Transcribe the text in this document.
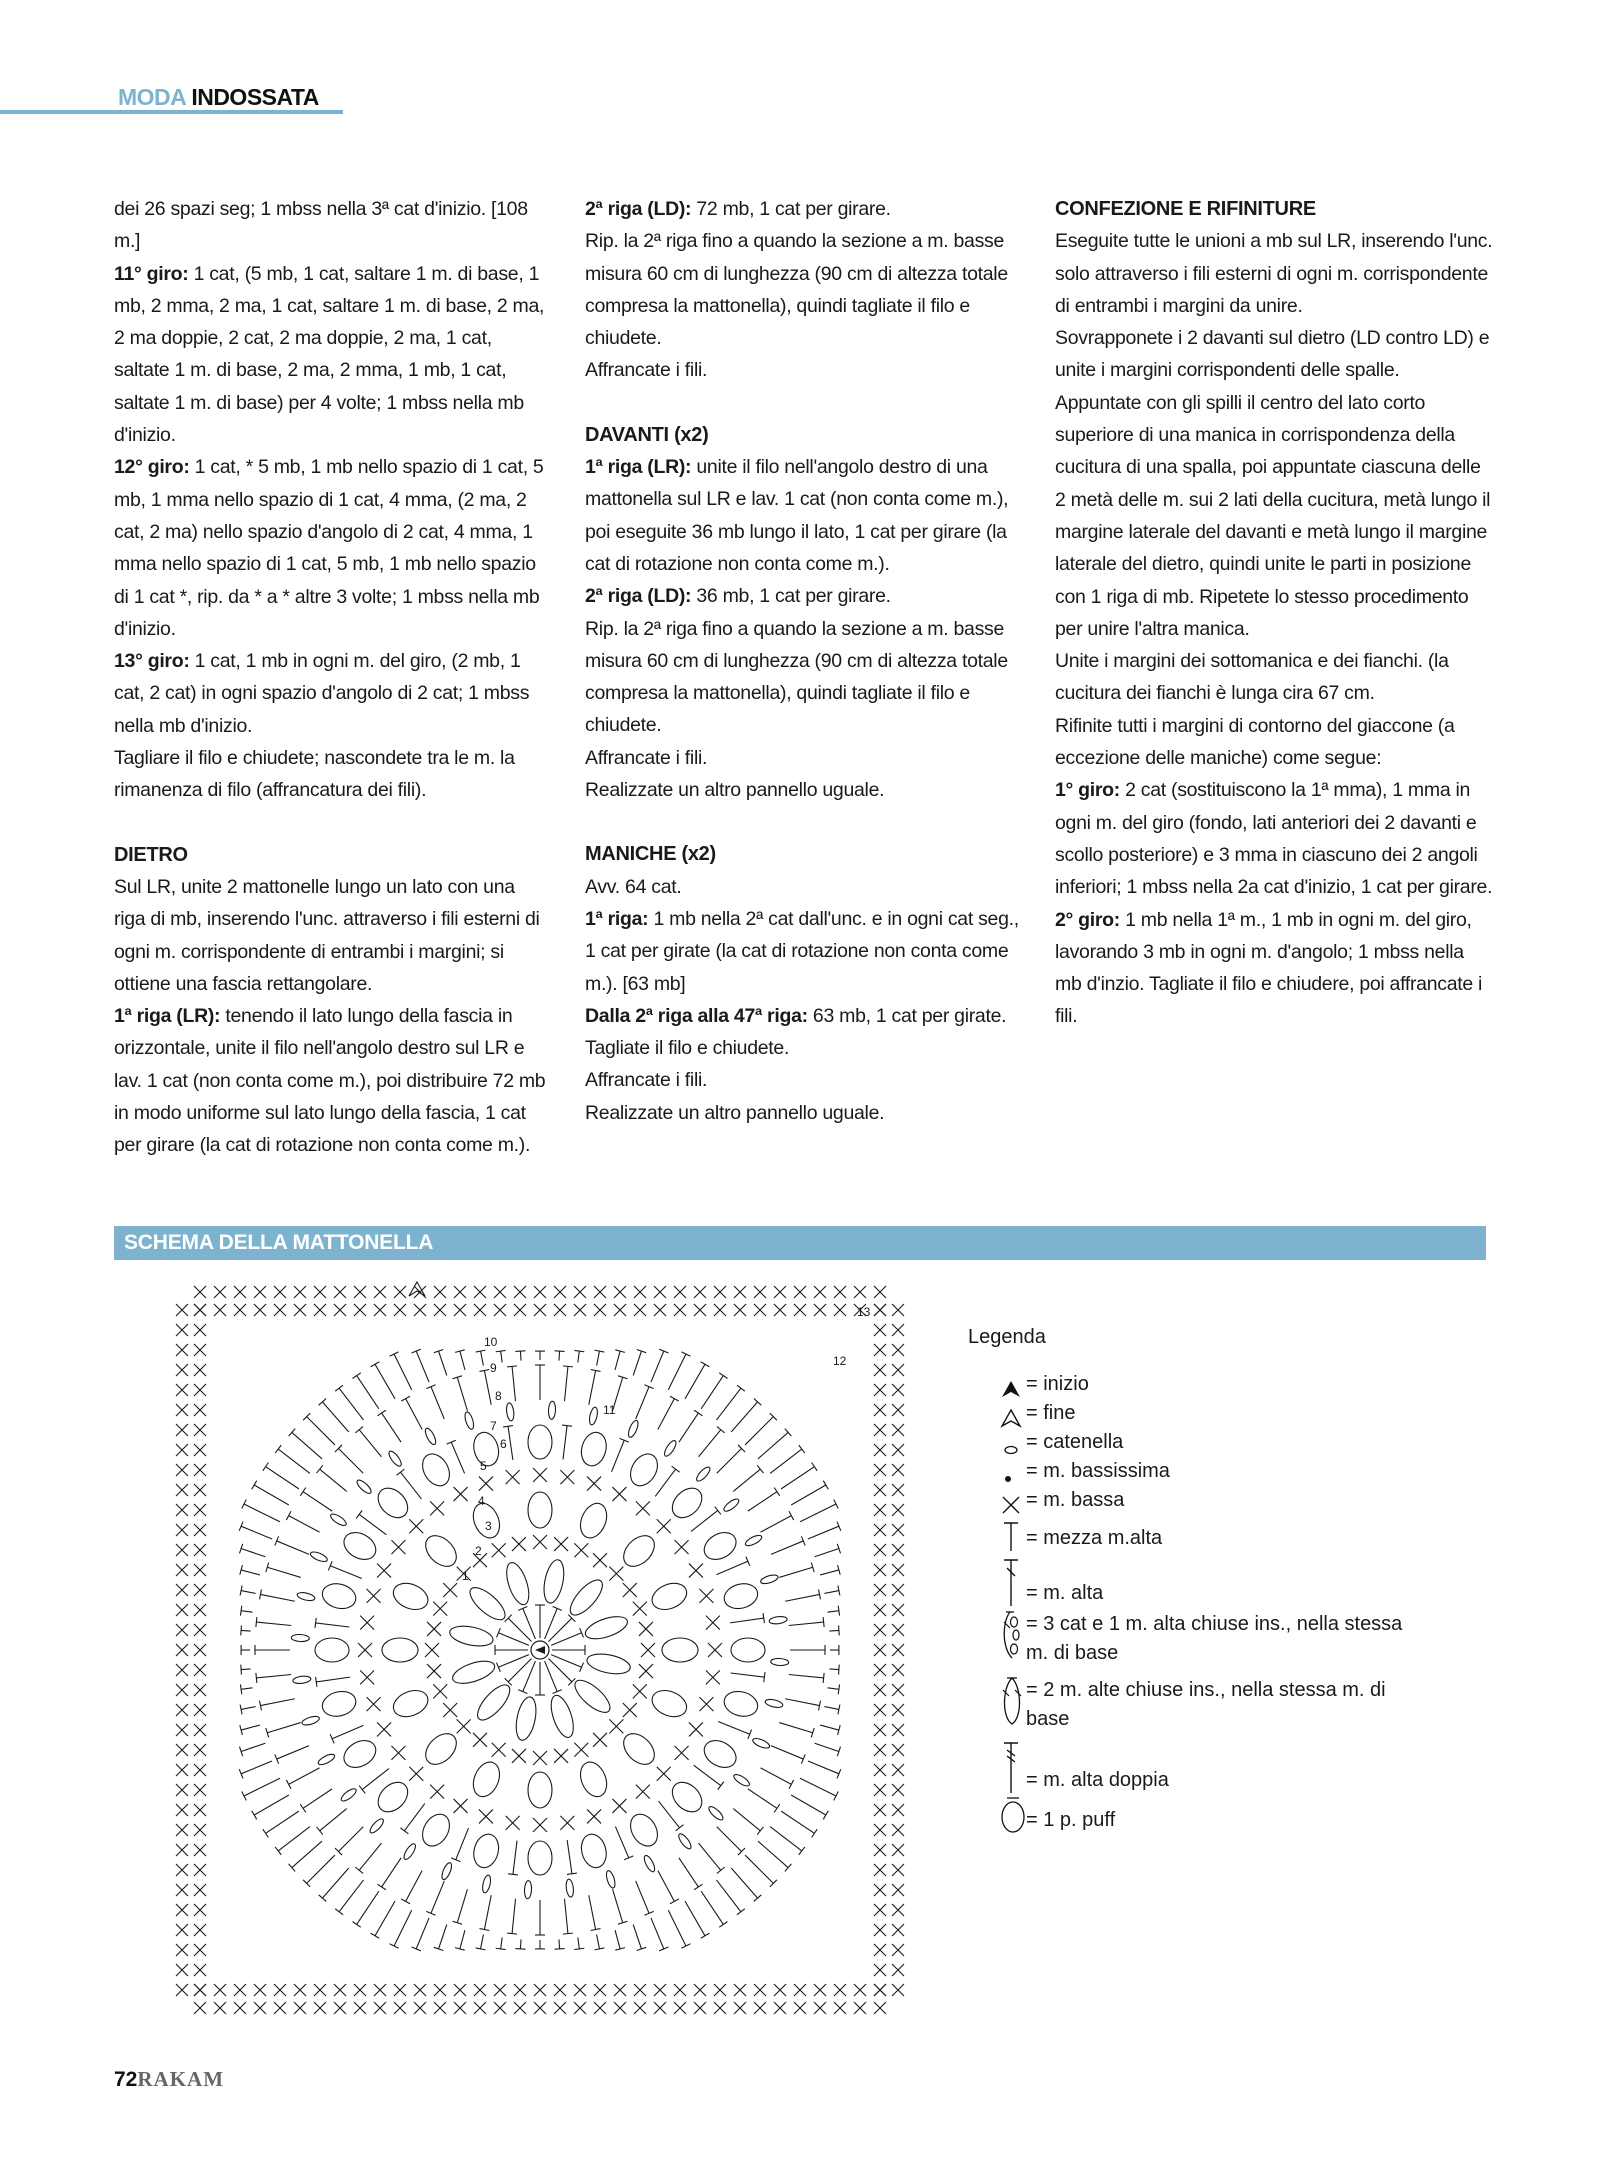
MODA INDOSSATA
dei 26 spazi seg; 1 mbss nella 3ª cat d'inizio. [108 m.]
11° giro: 1 cat, (5 mb, 1 cat, saltare 1 m. di base, 1 mb, 2 mma, 2 ma, 1 cat, saltare 1 m. di base, 2 ma, 2 ma doppie, 2 cat, 2 ma doppie, 2 ma, 1 cat, saltate 1 m. di base, 2 ma, 2 mma, 1 mb, 1 cat, saltate 1 m. di base) per 4 volte; 1 mbss nella mb d'inizio.
12° giro: 1 cat, * 5 mb, 1 mb nello spazio di 1 cat, 5 mb, 1 mma nello spazio di 1 cat, 4 mma, (2 ma, 2 cat, 2 ma) nello spazio d'angolo di 2 cat, 4 mma, 1 mma nello spazio di 1 cat, 5 mb, 1 mb nello spazio di 1 cat *, rip. da * a * altre 3 volte; 1 mbss nella mb d'inizio.
13° giro: 1 cat, 1 mb in ogni m. del giro, (2 mb, 1 cat, 2 cat) in ogni spazio d'angolo di 2 cat; 1 mbss nella mb d'inizio.
Tagliare il filo e chiudete; nascondete tra le m. la rimanenza di filo (affrancatura dei fili).
DIETRO
Sul LR, unite 2 mattonelle lungo un lato con una riga di mb, inserendo l'unc. attraverso i fili esterni di ogni m. corrispondente di entrambi i margini; si ottiene una fascia rettangolare.
1ª riga (LR): tenendo il lato lungo della fascia in orizzontale, unite il filo nell'angolo destro sul LR e lav. 1 cat (non conta come m.), poi distribuire 72 mb in modo uniforme sul lato lungo della fascia, 1 cat per girare (la cat di rotazione non conta come m.).
2ª riga (LD): 72 mb, 1 cat per girare.
Rip. la 2ª riga fino a quando la sezione a m. basse misura 60 cm di lunghezza (90 cm di altezza totale compresa la mattonella), quindi tagliate il filo e chiudete.
Affrancate i fili.
DAVANTI (x2)
1ª riga (LR): unite il filo nell'angolo destro di una mattonella sul LR e lav. 1 cat (non conta come m.), poi eseguite 36 mb lungo il lato, 1 cat per girare (la cat di rotazione non conta come m.).
2ª riga (LD): 36 mb, 1 cat per girare.
Rip. la 2ª riga fino a quando la sezione a m. basse misura 60 cm di lunghezza (90 cm di altezza totale compresa la mattonella), quindi tagliate il filo e chiudete.
Affrancate i fili.
Realizzate un altro pannello uguale.
MANICHE (x2)
Avv. 64 cat.
1ª riga: 1 mb nella 2ª cat dall'unc. e in ogni cat seg., 1 cat per girate (la cat di rotazione non conta come m.). [63 mb]
Dalla 2ª riga alla 47ª riga: 63 mb, 1 cat per girate.
Tagliate il filo e chiudete.
Affrancate i fili.
Realizzate un altro pannello uguale.
CONFEZIONE E RIFINITURE
Eseguite tutte le unioni a mb sul LR, inserendo l'unc. solo attraverso i fili esterni di ogni m. corrispondente di entrambi i margini da unire.
Sovrapponete i 2 davanti sul dietro (LD contro LD) e unite i margini corrispondenti delle spalle.
Appuntate con gli spilli il centro del lato corto superiore di una manica in corrispondenza della cucitura di una spalla, poi appuntate ciascuna delle 2 metà delle m. sui 2 lati della cucitura, metà lungo il margine laterale del davanti e metà lungo il margine laterale del dietro, quindi unite le parti in posizione con 1 riga di mb. Ripetete lo stesso procedimento per unire l'altra manica.
Unite i margini dei sottomanica e dei fianchi. (la cucitura dei fianchi è lunga cira 67 cm.
Rifinite tutti i margini di contorno del giaccone (a eccezione delle maniche) come segue:
1° giro: 2 cat (sostituiscono la 1ª mma), 1 mma in ogni m. del giro (fondo, lati anteriori dei 2 davanti e scollo posteriore) e 3 mma in ciascuno dei 2 angoli inferiori; 1 mbss nella 2a cat d'inizio, 1 cat per girare.
2° giro: 1 mb nella 1ª m., 1 mb in ogni m. del giro, lavorando 3 mb in ogni m. d'angolo; 1 mbss nella mb d'inzio. Tagliate il filo e chiudere, poi affrancate i fili.
SCHEMA DELLA MATTONELLA
1
2
3
4
5
6
7
8
9
10
11
12
13
Legenda
= inizio
= fine
= catenella
= m. bassissima
= m. bassa
= mezza m.alta
= m. alta
= 3 cat e 1 m. alta chiuse ins., nella stessa m. di base
= 2 m. alte chiuse ins., nella stessa m. di base
= m. alta doppia
= 1 p. puff
72RAKAM
